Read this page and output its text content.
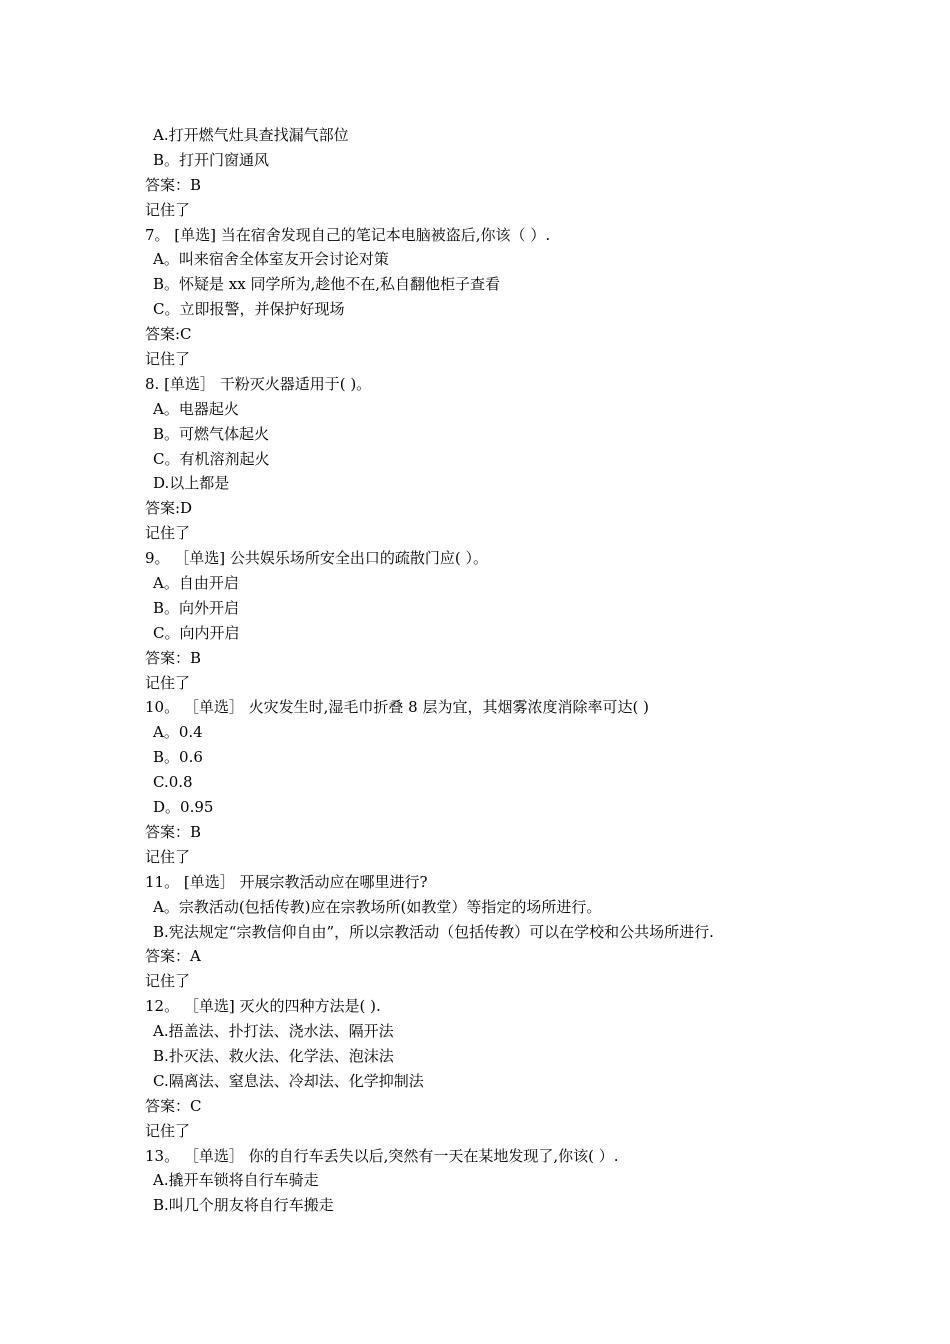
A.打开燃气灶具查找漏气部位
B。打开门窗通风
答案：B
记住了
7。 [单选] 当在宿舍发现自己的笔记本电脑被盗后,你该（ ）.
A。叫来宿舍全体室友开会讨论对策
B。怀疑是 xx 同学所为,趁他不在,私自翻他柜子查看
C。立即报警，并保护好现场
答案:C
记住了
8. [单选］ 干粉灭火器适用于( )。
A。电器起火
B。可燃气体起火
C。有机溶剂起火
D.以上都是
答案:D
记住了
9。 ［单选] 公共娱乐场所安全出口的疏散门应( ）。
A。自由开启
B。向外开启
C。向内开启
答案：B
记住了
10。 ［单选］ 火灾发生时,湿毛巾折叠 8 层为宜，其烟雾浓度消除率可达( )
A。0.4
B。0.6
C.0.8
D。0.95
答案：B
记住了
11。 [单选］ 开展宗教活动应在哪里进行?
A。宗教活动(包括传教)应在宗教场所(如教堂）等指定的场所进行。
B.宪法规定“宗教信仰自由”，所以宗教活动（包括传教）可以在学校和公共场所进行.
答案：A
记住了
12。 ［单选] 灭火的四种方法是( ).
A.捂盖法、扑打法、浇水法、隔开法
B.扑灭法、救火法、化学法、泡沫法
C.隔离法、窒息法、冷却法、化学抑制法
答案：C
记住了
13。 ［单选］ 你的自行车丢失以后,突然有一天在某地发现了,你该( ）.
A.撬开车锁将自行车骑走
B.叫几个朋友将自行车搬走
